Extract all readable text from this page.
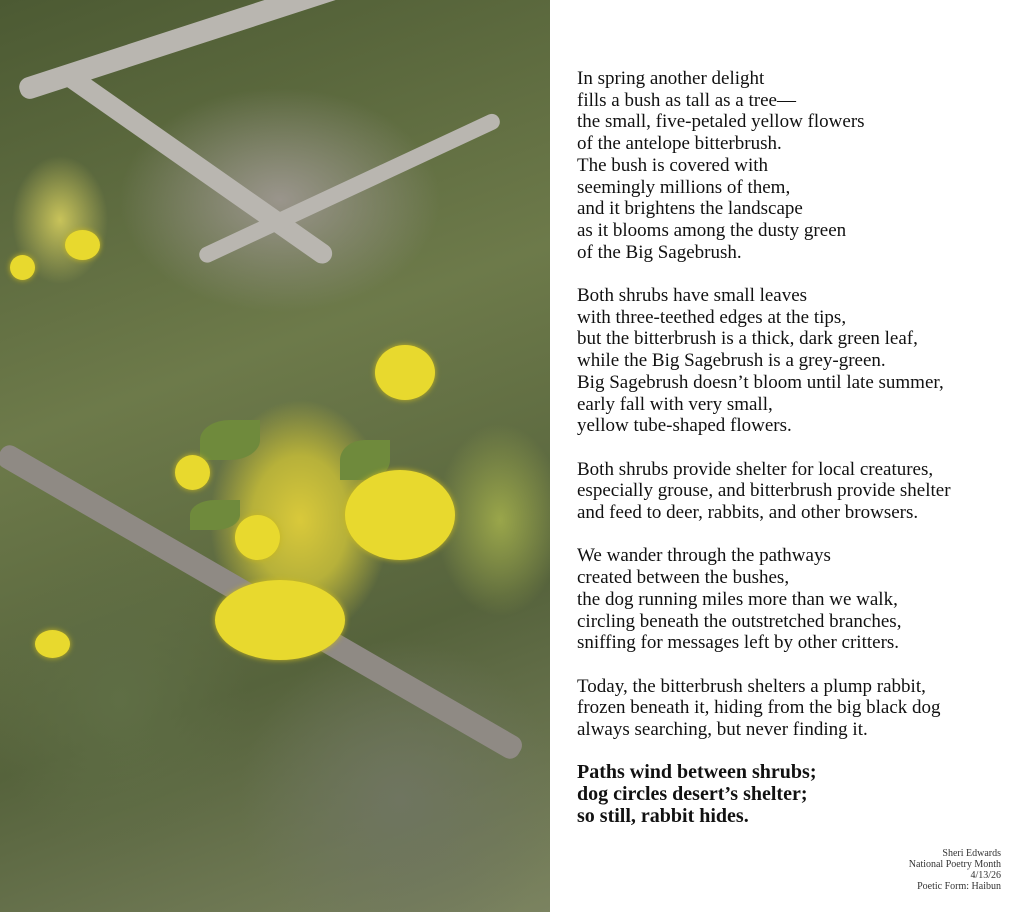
In spring another delight
fills a bush as tall as a tree—
the small, five-petaled yellow flowers
of the antelope bitterbrush.
The bush is covered with
seemingly millions of them,
and it brightens the landscape
as it blooms among the dusty green
of the Big Sagebrush.
Both shrubs have small leaves
with three-teethed edges at the tips,
but the bitterbrush is a thick, dark green leaf,
while the Big Sagebrush is a grey-green.
Big Sagebrush doesn’t bloom until late summer,
early fall with very small,
yellow tube-shaped flowers.
Both shrubs provide shelter for local creatures,
especially grouse, and bitterbrush provide shelter
and feed to deer, rabbits, and other browsers.
We wander through the pathways
created between the bushes,
the dog running miles more than we walk,
circling beneath the outstretched branches,
sniffing for messages left by other critters.
Today, the bitterbrush shelters a plump rabbit,
frozen beneath it, hiding from the big black dog
always searching, but never finding it.
Paths wind between shrubs;
dog circles desert’s shelter;
so still, rabbit hides.
Sheri Edwards
National Poetry Month
4/13/26
Poetic Form: Haibun
